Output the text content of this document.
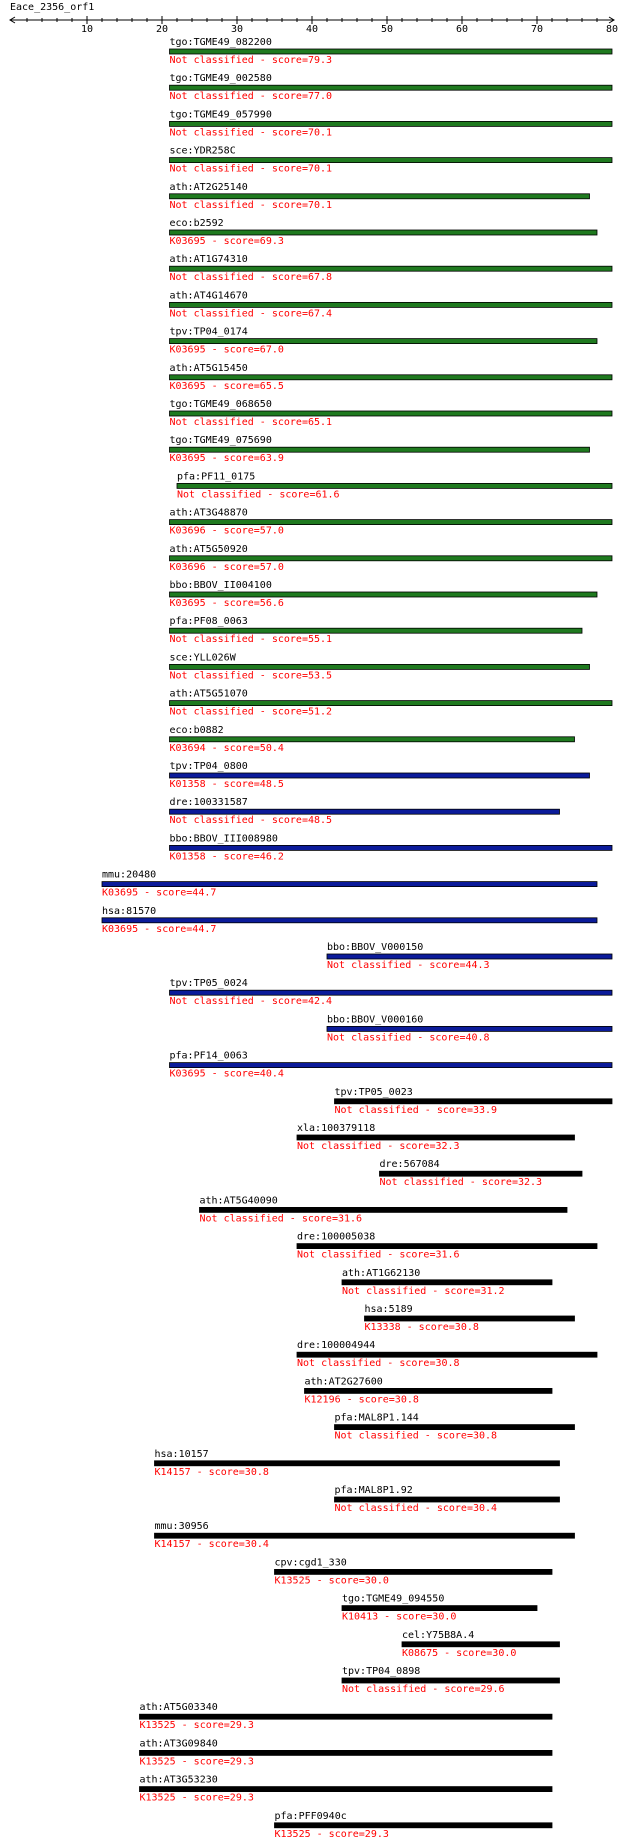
Eace_2356_orf1
10	20	30	40	50	60	70	80
tgo:TGME49_082200
Not classified - score=79.3
tgo:TGME49_002580
Not classified - score=77.0
tgo:TGME49_057990
Not classified - score=70.1
sce:YDR258C
Not classified - score=70.1
ath:AT2G25140
Not classified - score=70.1
eco:b2592
K03695 - score=69.3
ath:AT1G74310
Not classified - score=67.8
ath:AT4G14670
Not classified - score=67.4
tpv:TP04_0174
K03695 - score=67.0
ath:AT5G15450
K03695 - score=65.5
tgo:TGME49_068650
Not classified - score=65.1
tgo:TGME49_075690
K03695 - score=63.9
pfa:PF11_0175
Not classified - score=61.6
ath:AT3G48870
K03696 - score=57.0
ath:AT5G50920
K03696 - score=57.0
bbo:BBOV_II004100
K03695 - score=56.6
pfa:PF08_0063
Not classified - score=55.1
sce:YLL026W
Not classified - score=53.5
ath:AT5G51070
Not classified - score=51.2
eco:b0882
K03694 - score=50.4
tpv:TP04_0800
K01358 - score=48.5
dre:100331587
Not classified - score=48.5
bbo:BBOV_III008980
K01358 - score=46.2
mmu:20480
K03695 - score=44.7
hsa:81570
K03695 - score=44.7
bbo:BBOV_V000150
Not classified - score=44.3
tpv:TP05_0024
Not classified - score=42.4
bbo:BBOV_V000160
Not classified - score=40.8
pfa:PF14_0063
K03695 - score=40.4
tpv:TP05_0023
Not classified - score=33.9
xla:100379118
Not classified - score=32.3
dre:567084
Not classified - score=32.3
ath:AT5G40090
Not classified - score=31.6
dre:100005038
Not classified - score=31.6
ath:AT1G62130
Not classified - score=31.2
hsa:5189
K13338 - score=30.8
dre:100004944
Not classified - score=30.8
ath:AT2G27600
K12196 - score=30.8
pfa:MAL8P1.144
Not classified - score=30.8
hsa:10157
K14157 - score=30.8
pfa:MAL8P1.92
Not classified - score=30.4
mmu:30956
K14157 - score=30.4
cpv:cgd1_330
K13525 - score=30.0
tgo:TGME49_094550
K10413 - score=30.0
cel:Y75B8A.4
K08675 - score=30.0
tpv:TP04_0898
Not classified - score=29.6
ath:AT5G03340
K13525 - score=29.3
ath:AT3G09840
K13525 - score=29.3
ath:AT3G53230
K13525 - score=29.3
pfa:PFF0940c
K13525 - score=29.3
